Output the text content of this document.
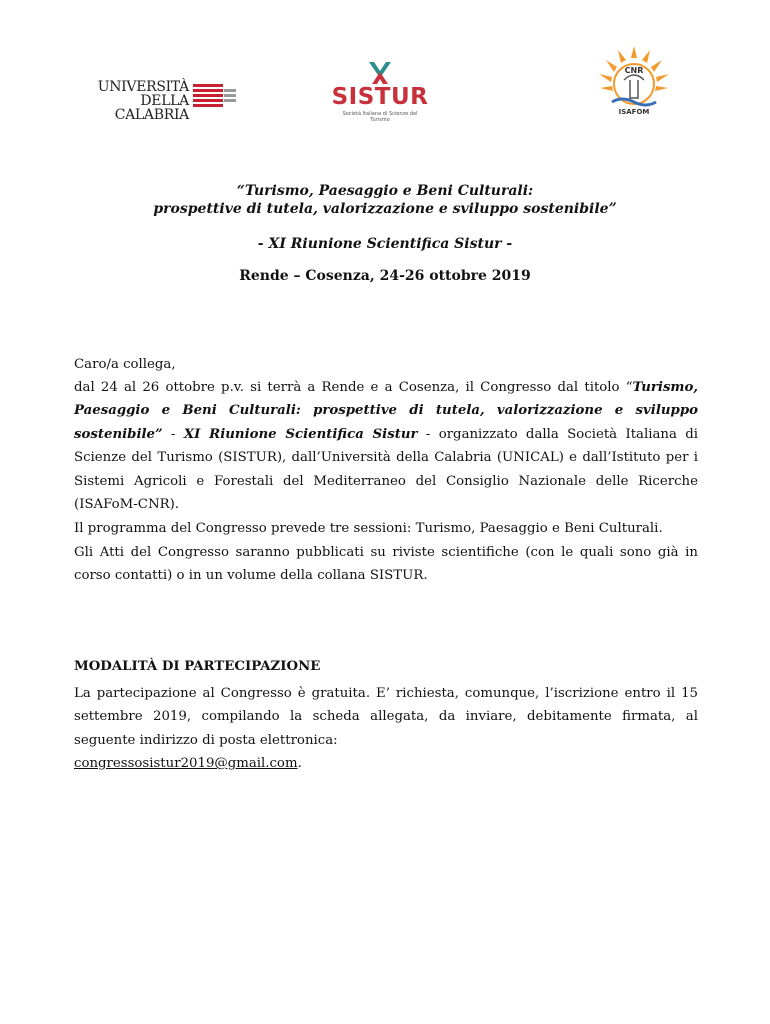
UNIVERSITÀ
DELLA CALABRIA
SISTUR
Società Italiana di Scienze del Turismo
CNR
ISAFOM
“Turismo, Paesaggio e Beni Culturali:
prospettive di tutela, valorizzazione e sviluppo sostenibile”
- XI Riunione Scientifica Sistur -
Rende – Cosenza, 24-26 ottobre 2019
Caro/a collega,
dal 24 al 26 ottobre p.v. si terrà a Rende e a Cosenza, il Congresso dal titolo “Turismo, Paesaggio e Beni Culturali: prospettive di tutela, valorizzazione e sviluppo sostenibile” - XI Riunione Scientifica Sistur - organizzato dalla Società Italiana di Scienze del Turismo (SISTUR), dall’Università della Calabria (UNICAL) e dall’Istituto per i Sistemi Agricoli e Forestali del Mediterraneo del Consiglio Nazionale delle Ricerche (ISAFoM-CNR).
Il programma del Congresso prevede tre sessioni: Turismo, Paesaggio e Beni Culturali.
Gli Atti del Congresso saranno pubblicati su riviste scientifiche (con le quali sono già in corso contatti) o in un volume della collana SISTUR.
MODALITÀ DI PARTECIPAZIONE
La partecipazione al Congresso è gratuita. E’ richiesta, comunque, l’iscrizione entro il 15 settembre 2019, compilando la scheda allegata, da inviare, debitamente firmata, al seguente indirizzo di posta elettronica:
congressosistur2019@gmail.com.
